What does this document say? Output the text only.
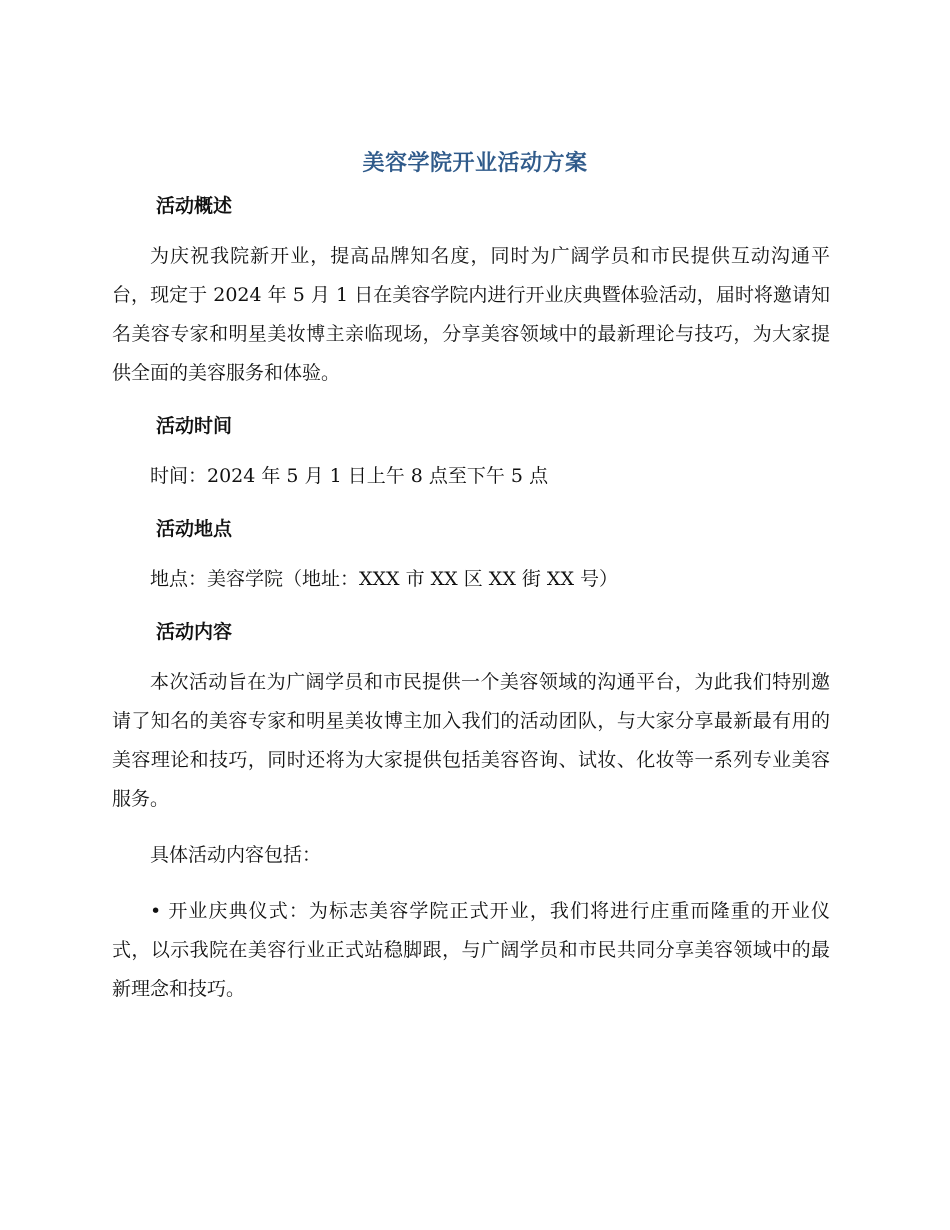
美容学院开业活动方案
活动概述

为庆祝我院新开业，提高品牌知名度，同时为广阔学员和市民提供互动沟通平台，现定于 2024 年 5 月 1 日在美容学院内进行开业庆典暨体验活动，届时将邀请知名美容专家和明星美妆博主亲临现场，分享美容领域中的最新理论与技巧，为大家提供全面的美容服务和体验。

活动时间

时间：2024 年 5 月 1 日上午 8 点至下午 5 点

活动地点

地点：美容学院（地址：XXX 市 XX 区 XX 街 XX 号）

活动内容

本次活动旨在为广阔学员和市民提供一个美容领域的沟通平台，为此我们特别邀请了知名的美容专家和明星美妆博主加入我们的活动团队，与大家分享最新最有用的美容理论和技巧，同时还将为大家提供包括美容咨询、试妆、化妆等一系列专业美容服务。

具体活动内容包括：

• 开业庆典仪式：为标志美容学院正式开业，我们将进行庄重而隆重的开业仪式，以示我院在美容行业正式站稳脚跟，与广阔学员和市民共同分享美容领域中的最新理念和技巧。
